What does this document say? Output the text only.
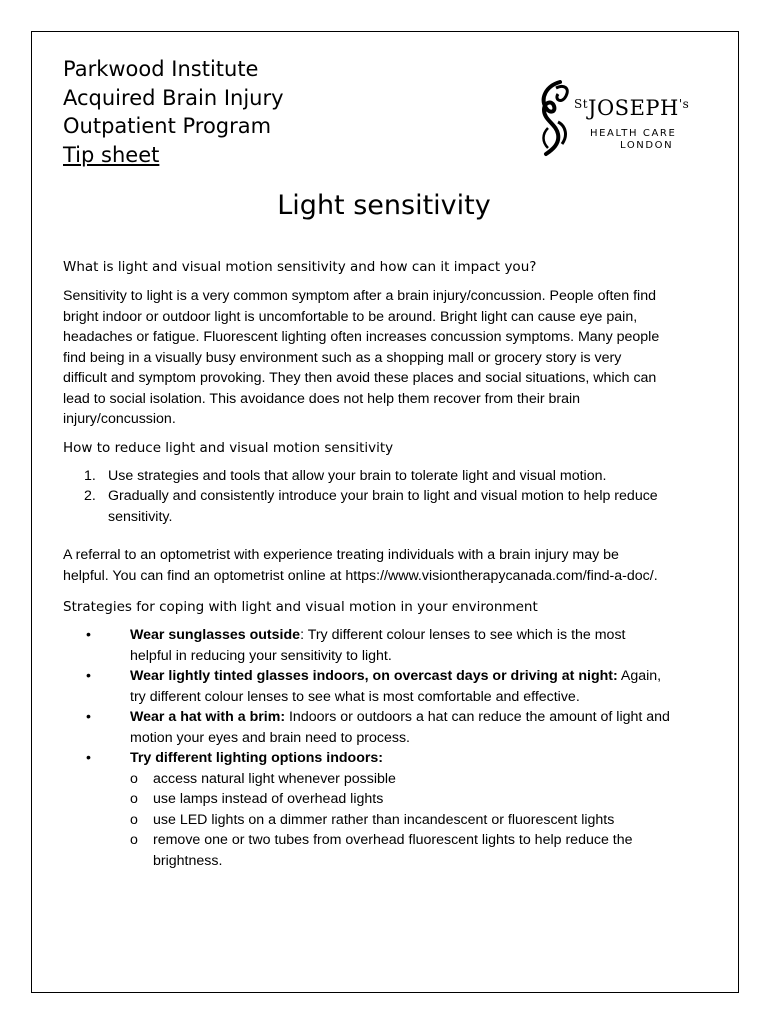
Parkwood Institute
Acquired Brain Injury
Outpatient Program
Tip sheet
$^{St}JOSEPH^{'s}$
HEALTH CARE
LONDON
Light sensitivity
What is light and visual motion sensitivity and how can it impact you?
Sensitivity to light is a very common symptom after a brain injury/concussion. People often find
bright indoor or outdoor light is uncomfortable to be around. Bright light can cause eye pain,
headaches or fatigue. Fluorescent lighting often increases concussion symptoms. Many people
find being in a visually busy environment such as a shopping mall or grocery story is very
difficult and symptom provoking. They then avoid these places and social situations, which can
lead to social isolation. This avoidance does not help them recover from their brain
injury/concussion.
How to reduce light and visual motion sensitivity
1. Use strategies and tools that allow your brain to tolerate light and visual motion.
2. Gradually and consistently introduce your brain to light and visual motion to help reduce
sensitivity.
A referral to an optometrist with experience treating individuals with a brain injury may be
helpful. You can find an optometrist online at https://www.visiontherapycanada.com/find-a-doc/.
Strategies for coping with light and visual motion in your environment
•	Wear sunglasses outside: Try different colour lenses to see which is the most
helpful in reducing your sensitivity to light.
•	Wear lightly tinted glasses indoors, on overcast days or driving at night: Again,
try different colour lenses to see what is most comfortable and effective.
•	Wear a hat with a brim: Indoors or outdoors a hat can reduce the amount of light and
motion your eyes and brain need to process.
•	Try different lighting options indoors:
o access natural light whenever possible
o use lamps instead of overhead lights
o use LED lights on a dimmer rather than incandescent or fluorescent lights
o remove one or two tubes from overhead fluorescent lights to help reduce the
brightness.
